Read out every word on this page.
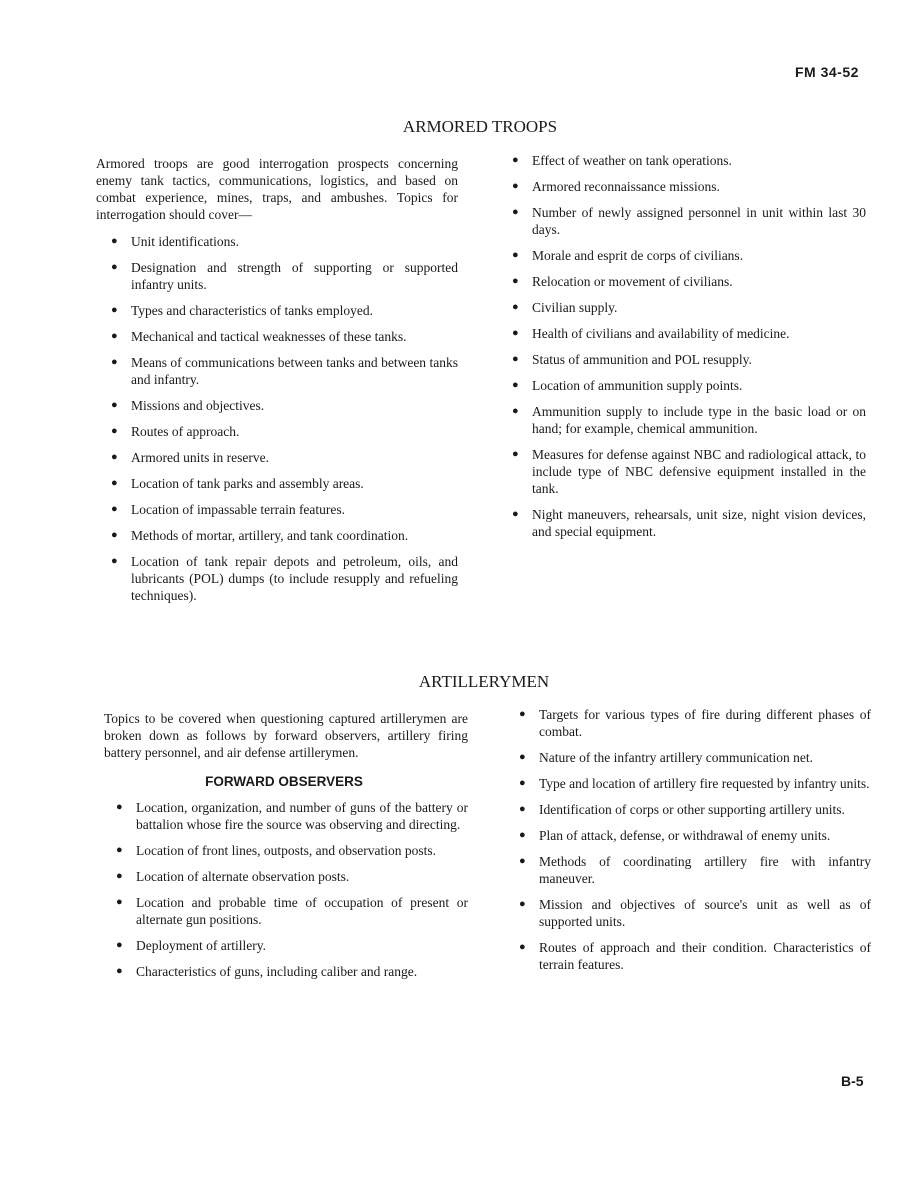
FM 34-52
ARMORED TROOPS

Armored troops are good interrogation prospects concerning enemy tank tactics, communications, logistics, and based on combat experience, mines, traps, and ambushes. Topics for interrogation should cover—

● Unit identifications.
● Designation and strength of supporting or supported infantry units.
● Types and characteristics of tanks employed.
● Mechanical and tactical weaknesses of these tanks.
● Means of communications between tanks and between tanks and infantry.
● Missions and objectives.
● Routes of approach.
● Armored units in reserve.
● Location of tank parks and assembly areas.
● Location of impassable terrain features.
● Methods of mortar, artillery, and tank coordination.
● Location of tank repair depots and petroleum, oils, and lubricants (POL) dumps (to include resupply and refueling techniques).
● Effect of weather on tank operations.
● Armored reconnaissance missions.
● Number of newly assigned personnel in unit within last 30 days.
● Morale and esprit de corps of civilians.
● Relocation or movement of civilians.
● Civilian supply.
● Health of civilians and availability of medicine.
● Status of ammunition and POL resupply.
● Location of ammunition supply points.
● Ammunition supply to include type in the basic load or on hand; for example, chemical ammunition.
● Measures for defense against NBC and radiological attack, to include type of NBC defensive equipment installed in the tank.
● Night maneuvers, rehearsals, unit size, night vision devices, and special equipment.
ARTILLERYMEN

Topics to be covered when questioning captured artillerymen are broken down as follows by forward observers, artillery firing battery personnel, and air defense artillerymen.

FORWARD OBSERVERS
● Location, organization, and number of guns of the battery or battalion whose fire the source was observing and directing.
● Location of front lines, outposts, and observation posts.
● Location of alternate observation posts.
● Location and probable time of occupation of present or alternate gun positions.
● Deployment of artillery.
● Characteristics of guns, including caliber and range.
● Targets for various types of fire during different phases of combat.
● Nature of the infantry artillery communication net.
● Type and location of artillery fire requested by infantry units.
● Identification of corps or other supporting artillery units.
● Plan of attack, defense, or withdrawal of enemy units.
● Methods of coordinating artillery fire with infantry maneuver.
● Mission and objectives of source's unit as well as of supported units.
● Routes of approach and their condition. Characteristics of terrain features.
B-5
